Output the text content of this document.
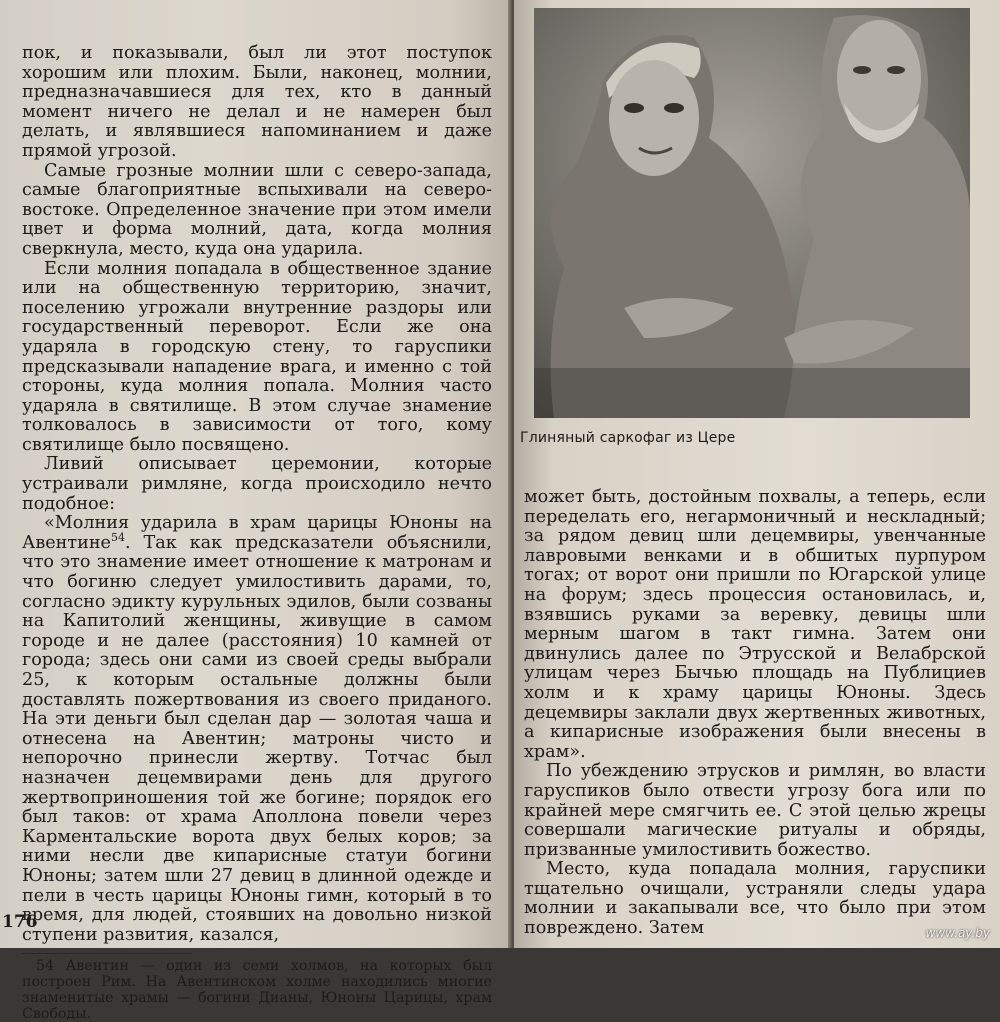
пок, и показывали, был ли этот поступок хорошим или плохим. Были, наконец, молнии, предназначавшиеся для тех, кто в данный момент ничего не делал и не намерен был делать, и являвшиеся напоминанием и даже прямой угрозой.

Самые грозные молнии шли с северо-запада, самые благоприятные вспыхивали на северо-востоке. Определенное значение при этом имели цвет и форма молний, дата, когда молния сверкнула, место, куда она ударила.

Если молния попадала в общественное здание или на общественную территорию, значит, поселению угрожали внутренние раздоры или государственный переворот. Если же она ударяла в городскую стену, то гаруспики предсказывали нападение врага, и именно с той стороны, куда молния попала. Молния часто ударяла в святилище. В этом случае знамение толковалось в зависимости от того, кому святилище было посвящено.

Ливий описывает церемонии, которые устраивали римляне, когда происходило нечто подобное:

«Молния ударила в храм царицы Юноны на Авентине$^{54}$. Так как предсказатели объяснили, что это знамение имеет отношение к матронам и что богиню следует умилостивить дарами, то, согласно эдикту курульных эдилов, были созваны на Капитолий женщины, живущие в самом городе и не далее (расстояния) 10 камней от города; здесь они сами из своей среды выбрали 25, к которым остальные должны были доставлять пожертвования из своего приданого. На эти деньги был сделан дар — золотая чаша и отнесена на Авентин; матроны чисто и непорочно принесли жертву. Тотчас был назначен децемвирами день для другого жертвоприношения той же богине; порядок его был таков: от храма Аполлона повели через Карментальские ворота двух белых коров; за ними несли две кипарисные статуи богини Юноны; затем шли 27 девиц в длинной одежде и пели в честь царицы Юноны гимн, который в то время, для людей, стоявших на довольно низкой ступени развития, казался,

54 Авентин — один из семи холмов, на которых был построен Рим. На Авентинском холме находились многие знаменитые храмы — богини Дианы, Юноны Царицы, храм Свободы.

176
Глиняный саркофаг из Цере

может быть, достойным похвалы, а теперь, если переделать его, негармоничный и нескладный; за рядом девиц шли децемвиры, увенчанные лавровыми венками и в обшитых пурпуром тогах; от ворот они пришли по Югарской улице на форум; здесь процессия остановилась, и, взявшись руками за веревку, девицы шли мерным шагом в такт гимна. Затем они двинулись далее по Этрусской и Велабрской улицам через Бычью площадь на Публициев холм и к храму царицы Юноны. Здесь децемвиры заклали двух жертвенных животных, а кипарисные изображения были внесены в храм».

По убеждению этрусков и римлян, во власти гаруспиков было отвести угрозу бога или по крайней мере смягчить ее. С этой целью жрецы совершали магические ритуалы и обряды, призванные умилостивить божество.

Место, куда попадала молния, гаруспики тщательно очищали, устраняли следы удара молнии и закапывали все, что было при этом повреждено. Затем	www.ay.by
